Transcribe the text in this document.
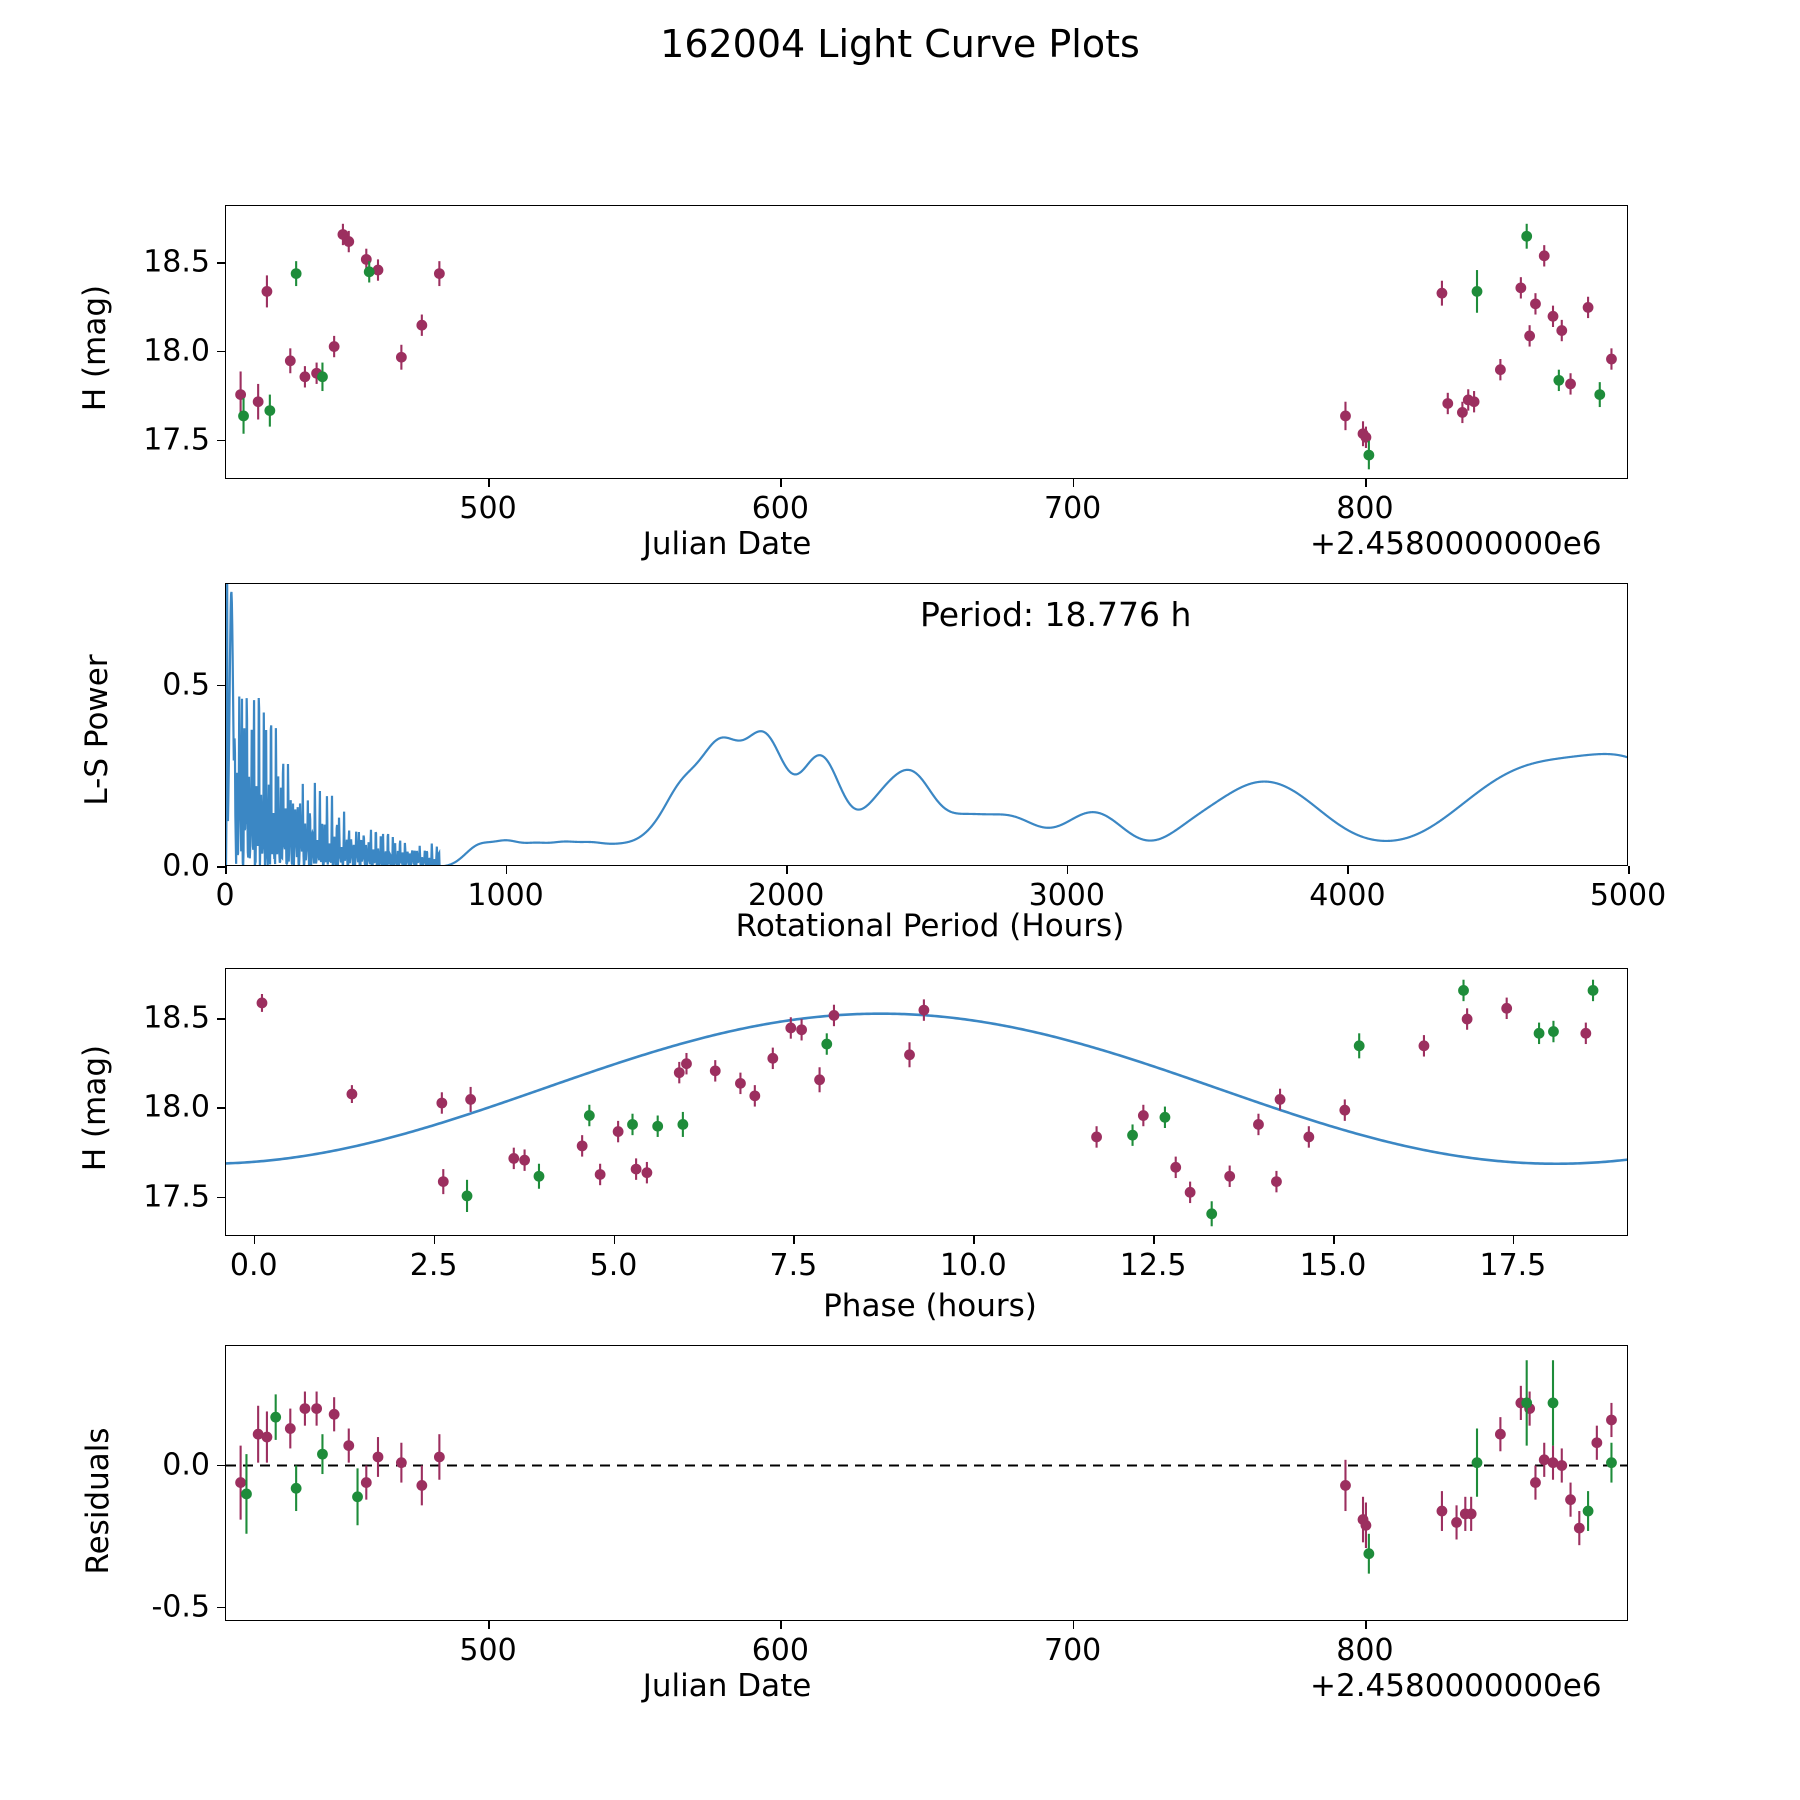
162004 Light Curve Plots
H (mag)
Julian Date	+2.4580000000e6
L-S Power
Period: 18.776 h
Rotational Period (Hours)
H (mag)
Phase (hours)
Residuals
Julian Date	+2.4580000000e6
500	600	700	800
17.5
18.0
18.5
0	1000	2000	3000	4000	5000
0.0
0.5
0.0	2.5	5.0	7.5	10.0	12.5	15.0	17.5
17.5
18.0
18.5
500	600	700	800
-0.5
0.0
